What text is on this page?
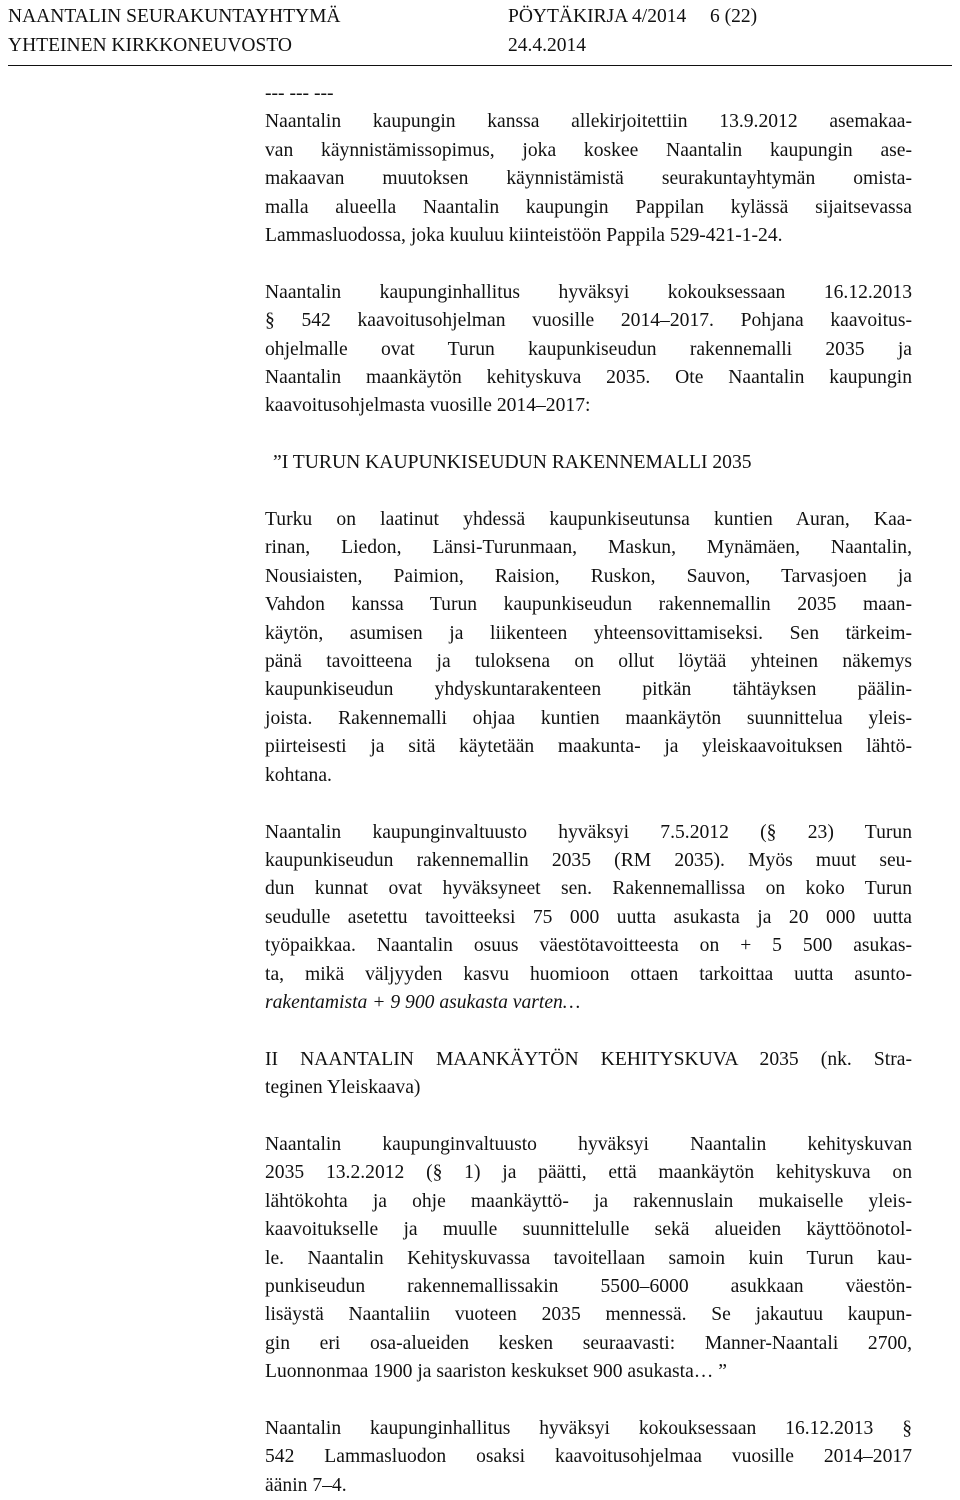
NAANTALIN SEURAKUNTAYHTYMÄ	PÖYTÄKIRJA 4/2014 6 (22)
YHTEINEN KIRKKONEUVOSTO	24.4.2014

--- --- ---

Naantalin kaupungin kanssa allekirjoitettiin 13.9.2012 asemakaa-
van käynnistämissopimus, joka koskee Naantalin kaupungin ase-
makaavan muutoksen käynnistämistä seurakuntayhtymän omista-
malla alueella Naantalin kaupungin Pappilan kylässä sijaitsevassa
Lammasluodossa, joka kuuluu kiinteistöön Pappila 529-421-1-24.

Naantalin kaupunginhallitus hyväksyi kokouksessaan 16.12.2013
§ 542 kaavoitusohjelman vuosille 2014–2017. Pohjana kaavoitus-
ohjelmalle ovat Turun kaupunkiseudun rakennemalli 2035 ja
Naantalin maankäytön kehityskuva 2035. Ote Naantalin kaupungin
kaavoitusohjelmasta vuosille 2014–2017:

”I TURUN KAUPUNKISEUDUN RAKENNEMALLI 2035

Turku on laatinut yhdessä kaupunkiseutunsa kuntien Auran, Kaa-
rinan, Liedon, Länsi-Turunmaan, Maskun, Mynämäen, Naantalin,
Nousiaisten, Paimion, Raision, Ruskon, Sauvon, Tarvasjoen ja
Vahdon kanssa Turun kaupunkiseudun rakennemallin 2035 maan-
käytön, asumisen ja liikenteen yhteensovittamiseksi. Sen tärkeim-
pänä tavoitteena ja tuloksena on ollut löytää yhteinen näkemys
kaupunkiseudun yhdyskuntarakenteen pitkän tähtäyksen päälin-
joista. Rakennemalli ohjaa kuntien maankäytön suunnittelua yleis-
piirteisesti ja sitä käytetään maakunta- ja yleiskaavoituksen lähtö-
kohtana.

Naantalin kaupunginvaltuusto hyväksyi 7.5.2012 (§ 23) Turun
kaupunkiseudun rakennemallin 2035 (RM 2035). Myös muut seu-
dun kunnat ovat hyväksyneet sen. Rakennemallissa on koko Turun
seudulle asetettu tavoitteeksi 75 000 uutta asukasta ja 20 000 uutta
työpaikkaa. Naantalin osuus väestötavoitteesta on + 5 500 asukas-
ta, mikä väljyyden kasvu huomioon ottaen tarkoittaa uutta asunto-
rakentamista + 9 900 asukasta varten…

II NAANTALIN MAANKÄYTÖN KEHITYSKUVA 2035 (nk. Stra-
teginen Yleiskaava)

Naantalin kaupunginvaltuusto hyväksyi Naantalin kehityskuvan
2035 13.2.2012 (§ 1) ja päätti, että maankäytön kehityskuva on
lähtökohta ja ohje maankäyttö- ja rakennuslain mukaiselle yleis-
kaavoitukselle ja muulle suunnittelulle sekä alueiden käyttöönotol-
le. Naantalin Kehityskuvassa tavoitellaan samoin kuin Turun kau-
punkiseudun rakennemallissakin 5500–6000 asukkaan väestön-
lisäystä Naantaliin vuoteen 2035 mennessä. Se jakautuu kaupun-
gin eri osa-alueiden kesken seuraavasti: Manner-Naantali 2700,
Luonnonmaa 1900 ja saariston keskukset 900 asukasta… ”

Naantalin kaupunginhallitus hyväksyi kokouksessaan 16.12.2013 §
542 Lammasluodon osaksi kaavoitusohjelmaa vuosille 2014–2017
äänin 7–4.
